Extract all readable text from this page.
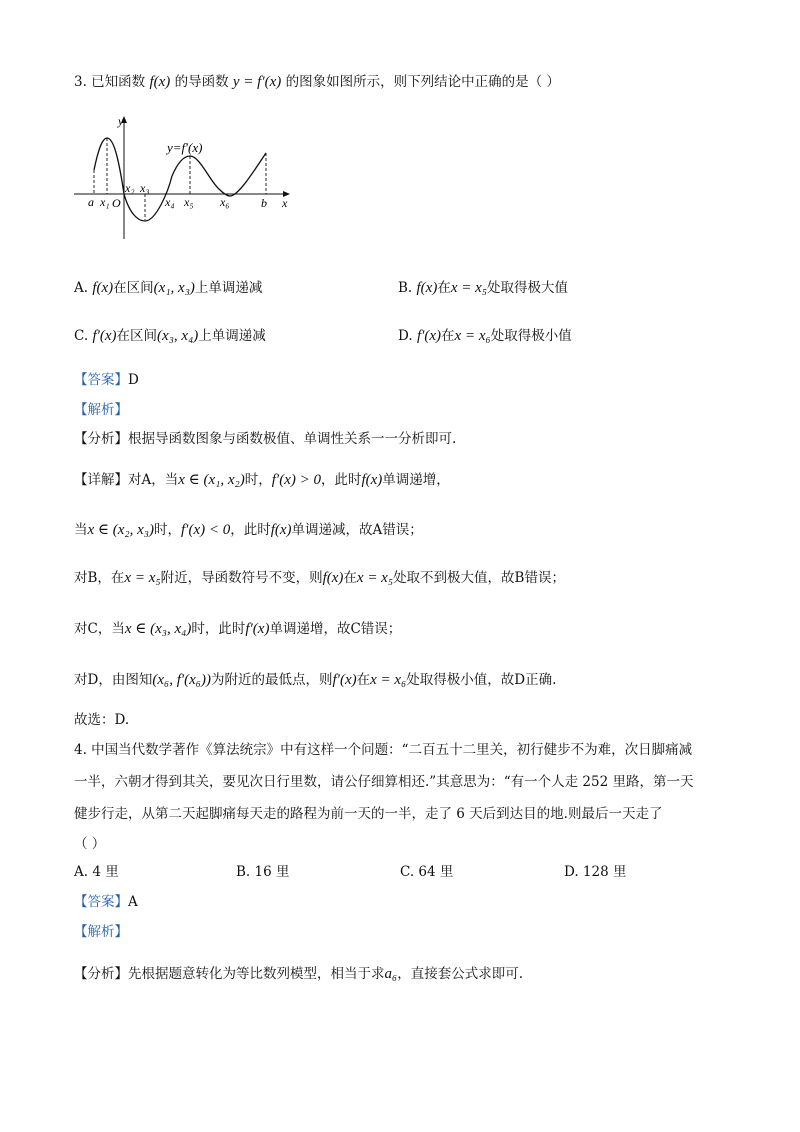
3. 已知函数 f(x) 的导函数 y = f′(x) 的图象如图所示，则下列结论中正确的是（ ）
y
x
y=f′(x)
a x₁ O
x₂ x₃
x₄ x₅ x₆	b
A. f(x)在区间(x₁, x₃)上单调递减	B. f(x)在x = x₅处取得极大值
C. f′(x)在区间(x₃, x₄)上单调递减	D. f′(x)在x = x₆处取得极小值
【答案】D
【解析】
【分析】根据导函数图象与函数极值、单调性关系一一分析即可.
【详解】对A，当x ∈ (x₁, x₂)时，f′(x) > 0，此时f(x)单调递增，
当x ∈ (x₂, x₃)时，f′(x) < 0，此时f(x)单调递减，故A错误；
对B，在x = x₅附近，导函数符号不变，则f(x)在x = x₅处取不到极大值，故B错误；
对C，当x ∈ (x₃, x₄)时，此时f′(x)单调递增，故C错误；
对D，由图知(x₆, f′(x₆))为附近的最低点，则f′(x)在x = x₆处取得极小值，故D正确.
故选：D.
4. 中国当代数学著作《算法统宗》中有这样一个问题：“二百五十二里关，初行健步不为难，次日脚痛减
一半，六朝才得到其关，要见次日行里数，请公仔细算相还.”其意思为：“有一个人走 252 里路，第一天
健步行走，从第二天起脚痛每天走的路程为前一天的一半，走了 6 天后到达目的地.则最后一天走了
（ ）
A. 4 里	B. 16 里	C. 64 里	D. 128 里
【答案】A
【解析】
【分析】先根据题意转化为等比数列模型，相当于求a₆，直接套公式求即可.
